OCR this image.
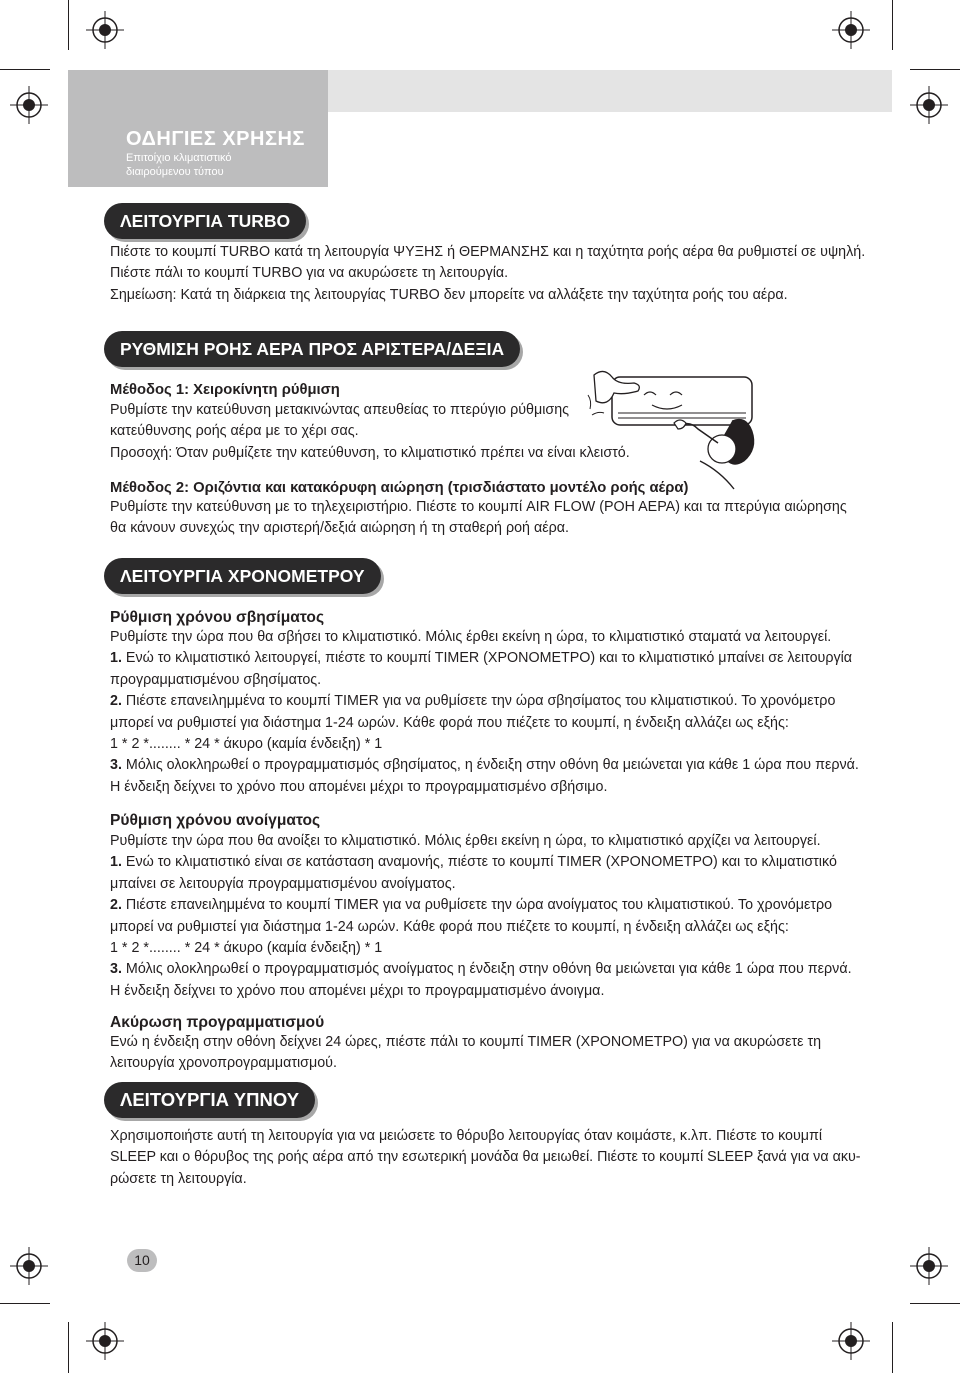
ΟΔΗΓΙΕΣ ΧΡΗΣΗΣ
Επιτοίχιο κλιματιστικό
διαιρούμενου τύπου
ΛΕΙΤΟΥΡΓΙΑ TURBO
Πιέστε το κουμπί TURBO κατά τη λειτουργία ΨΥΞΗΣ ή ΘΕΡΜΑΝΣΗΣ και η ταχύτητα ροής αέρα θα ρυθμιστεί σε υψηλή.
Πιέστε πάλι το κουμπί TURBO για να ακυρώσετε τη λειτουργία.
Σημείωση: Κατά τη διάρκεια της λειτουργίας TURBO δεν μπορείτε να αλλάξετε την ταχύτητα ροής του αέρα.
ΡΥΘΜΙΣΗ ΡΟΗΣ ΑΕΡΑ ΠΡΟΣ ΑΡΙΣΤΕΡΑ/ΔΕΞΙΑ
Μέθοδος 1: Χειροκίνητη ρύθμιση
Ρυθμίστε την κατεύθυνση μετακινώντας απευθείας το πτερύγιο ρύθμισης
κατεύθυνσης ροής αέρα με το χέρι σας.
Προσοχή: Όταν ρυθμίζετε την κατεύθυνση, το κλιματιστικό πρέπει να είναι κλειστό.
Μέθοδος 2: Οριζόντια και κατακόρυφη αιώρηση (τρισδιάστατο μοντέλο ροής αέρα)
Ρυθμίστε την κατεύθυνση με το τηλεχειριστήριο. Πιέστε το κουμπί AIR FLOW (ΡΟΗ ΑΕΡΑ) και τα πτερύγια αιώρησης
θα κάνουν συνεχώς την αριστερή/δεξιά αιώρηση ή τη σταθερή ροή αέρα.
ΛΕΙΤΟΥΡΓΙΑ ΧΡΟΝΟΜΕΤΡΟΥ
Ρύθμιση χρόνου σβησίματος
Ρυθμίστε την ώρα που θα σβήσει το κλιματιστικό. Μόλις έρθει εκείνη η ώρα, το κλιματιστικό σταματά να λειτουργεί.
1. Ενώ το κλιματιστικό λειτουργεί, πιέστε το κουμπί TIMER (ΧΡΟΝΟΜΕΤΡΟ) και το κλιματιστικό μπαίνει σε λειτουργία
προγραμματισμένου σβησίματος.
2. Πιέστε επανειλημμένα το κουμπί TIMER για να ρυθμίσετε την ώρα σβησίματος του κλιματιστικού. Το χρονόμετρο
μπορεί να ρυθμιστεί για διάστημα 1-24 ωρών. Κάθε φορά που πιέζετε το κουμπί, η ένδειξη αλλάζει ως εξής:
1 * 2 *........ * 24 * άκυρο (καμία ένδειξη) * 1
3. Μόλις ολοκληρωθεί ο προγραμματισμός σβησίματος, η ένδειξη στην οθόνη θα μειώνεται για κάθε 1 ώρα που περνά.
Η ένδειξη δείχνει το χρόνο που απομένει μέχρι το προγραμματισμένο σβήσιμο.
Ρύθμιση χρόνου ανοίγματος
Ρυθμίστε την ώρα που θα ανοίξει το κλιματιστικό. Μόλις έρθει εκείνη η ώρα, το κλιματιστικό αρχίζει να λειτουργεί.
1. Ενώ το κλιματιστικό είναι σε κατάσταση αναμονής, πιέστε το κουμπί TIMER (ΧΡΟΝΟΜΕΤΡΟ) και το κλιματιστικό
μπαίνει σε λειτουργία προγραμματισμένου ανοίγματος.
2. Πιέστε επανειλημμένα το κουμπί TIMER για να ρυθμίσετε την ώρα ανοίγματος του κλιματιστικού. Το χρονόμετρο
μπορεί να ρυθμιστεί για διάστημα 1-24 ωρών. Κάθε φορά που πιέζετε το κουμπί, η ένδειξη αλλάζει ως εξής:
1 * 2 *........ * 24 * άκυρο (καμία ένδειξη) * 1
3. Μόλις ολοκληρωθεί ο προγραμματισμός ανοίγματος η ένδειξη στην οθόνη θα μειώνεται για κάθε 1 ώρα που περνά.
Η ένδειξη δείχνει το χρόνο που απομένει μέχρι το προγραμματισμένο άνοιγμα.
Ακύρωση προγραμματισμού
Ενώ η ένδειξη στην οθόνη δείχνει 24 ώρες, πιέστε πάλι το κουμπί TIMER (ΧΡΟΝΟΜΕΤΡΟ) για να ακυρώσετε τη
λειτουργία χρονοπρογραμματισμού.
ΛΕΙΤΟΥΡΓΙΑ ΥΠΝΟΥ
Χρησιμοποιήστε αυτή τη λειτουργία για να μειώσετε το θόρυβο λειτουργίας όταν κοιμάστε, κ.λπ. Πιέστε το κουμπί
SLEEP και ο θόρυβος της ροής αέρα από την εσωτερική μονάδα θα μειωθεί. Πιέστε το κουμπί SLEEP ξανά για να ακυ-
ρώσετε τη λειτουργία.
10
